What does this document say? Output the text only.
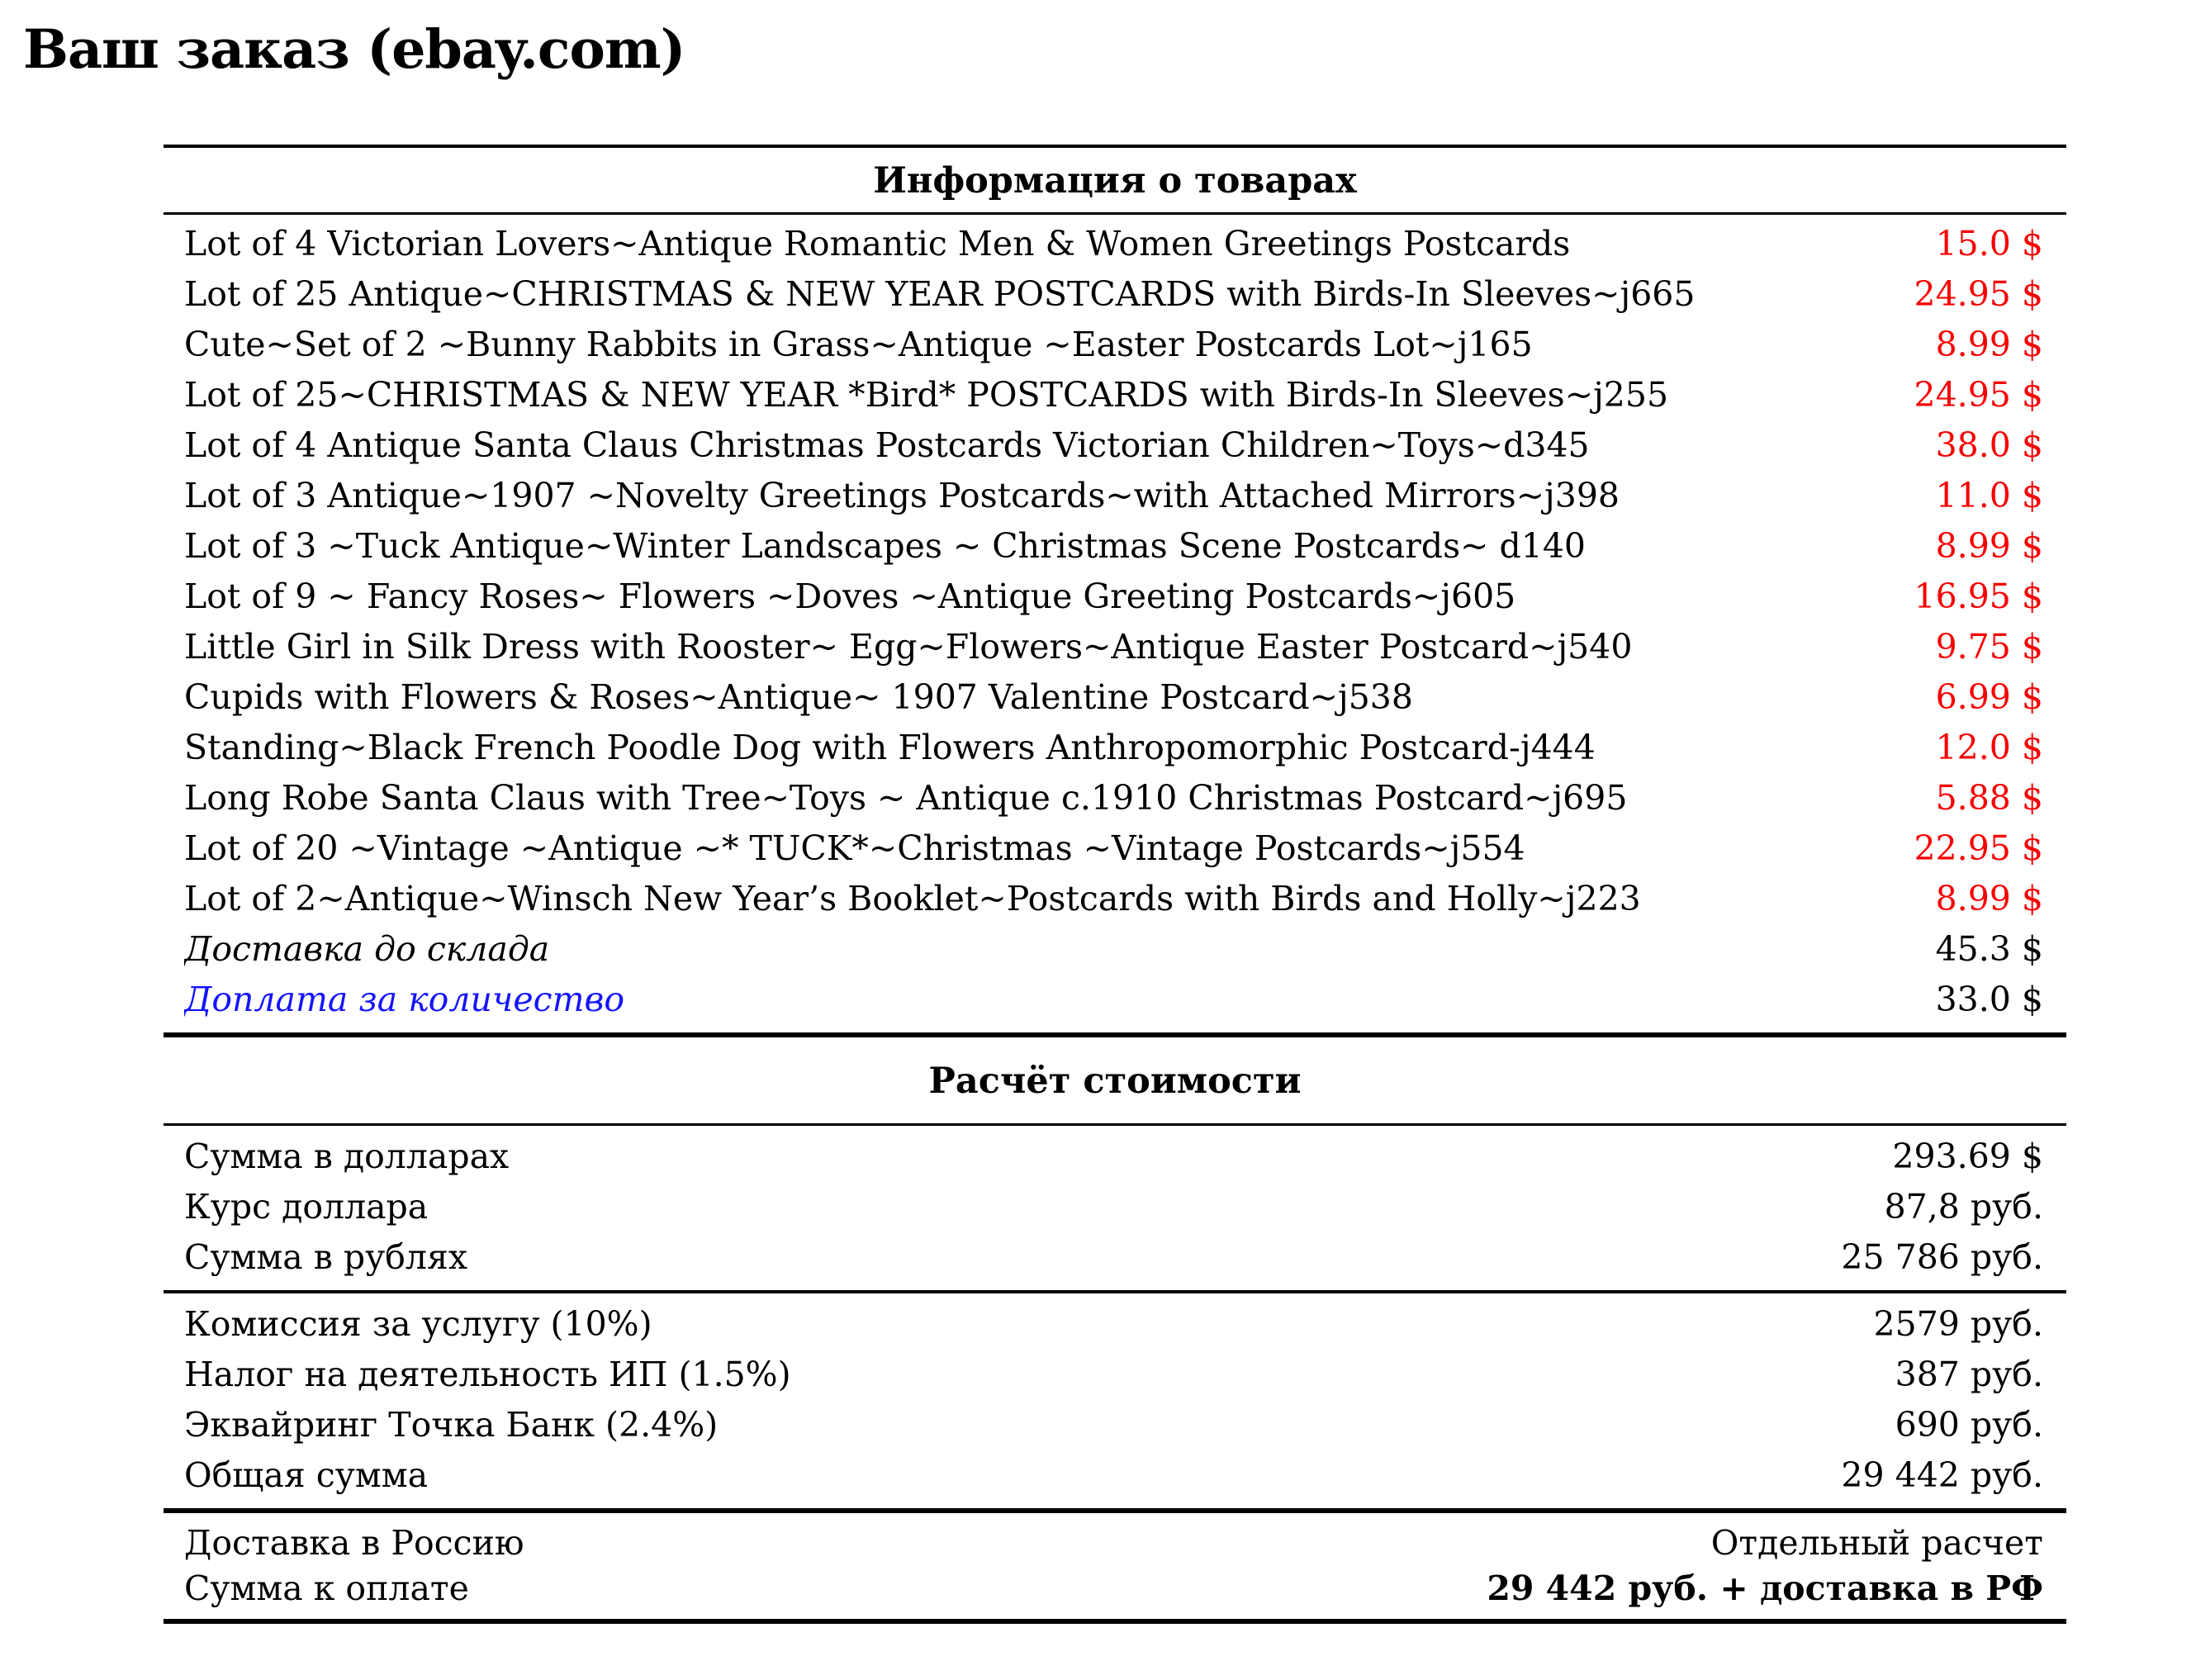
Ваш заказ (ebay.com)
Информация о товарах
Lot of 4 Victorian Lovers~Antique Romantic Men & Women Greetings Postcards	15.0 $
Lot of 25 Antique~CHRISTMAS & NEW YEAR POSTCARDS with Birds-In Sleeves~j665	24.95 $
Cute~Set of 2 ~Bunny Rabbits in Grass~Antique ~Easter Postcards Lot~j165	8.99 $
Lot of 25~CHRISTMAS & NEW YEAR *Bird* POSTCARDS with Birds-In Sleeves~j255	24.95 $
Lot of 4 Antique Santa Claus Christmas Postcards Victorian Children~Toys~d345	38.0 $
Lot of 3 Antique~1907 ~Novelty Greetings Postcards~with Attached Mirrors~j398	11.0 $
Lot of 3 ~Tuck Antique~Winter Landscapes ~ Christmas Scene Postcards~ d140	8.99 $
Lot of 9 ~ Fancy Roses~ Flowers ~Doves ~Antique Greeting Postcards~j605	16.95 $
Little Girl in Silk Dress with Rooster~ Egg~Flowers~Antique Easter Postcard~j540	9.75 $
Cupids with Flowers & Roses~Antique~ 1907 Valentine Postcard~j538	6.99 $
Standing~Black French Poodle Dog with Flowers Anthropomorphic Postcard-j444	12.0 $
Long Robe Santa Claus with Tree~Toys ~ Antique c.1910 Christmas Postcard~j695	5.88 $
Lot of 20 ~Vintage ~Antique ~* TUCK*~Christmas ~Vintage Postcards~j554	22.95 $
Lot of 2~Antique~Winsch New Year’s Booklet~Postcards with Birds and Holly~j223	8.99 $
Доставка до склада	45.3 $
Доплата за количество	33.0 $
Расчёт стоимости
Сумма в долларах	293.69 $
Курс доллара	87,8 руб.
Сумма в рублях	25 786 руб.
Комиссия за услугу (10%)	2579 руб.
Налог на деятельность ИП (1.5%)	387 руб.
Эквайринг Точка Банк (2.4%)	690 руб.
Общая сумма	29 442 руб.
Доставка в Россию	Отдельный расчет
Сумма к оплате	29 442 руб. + доставка в РФ
